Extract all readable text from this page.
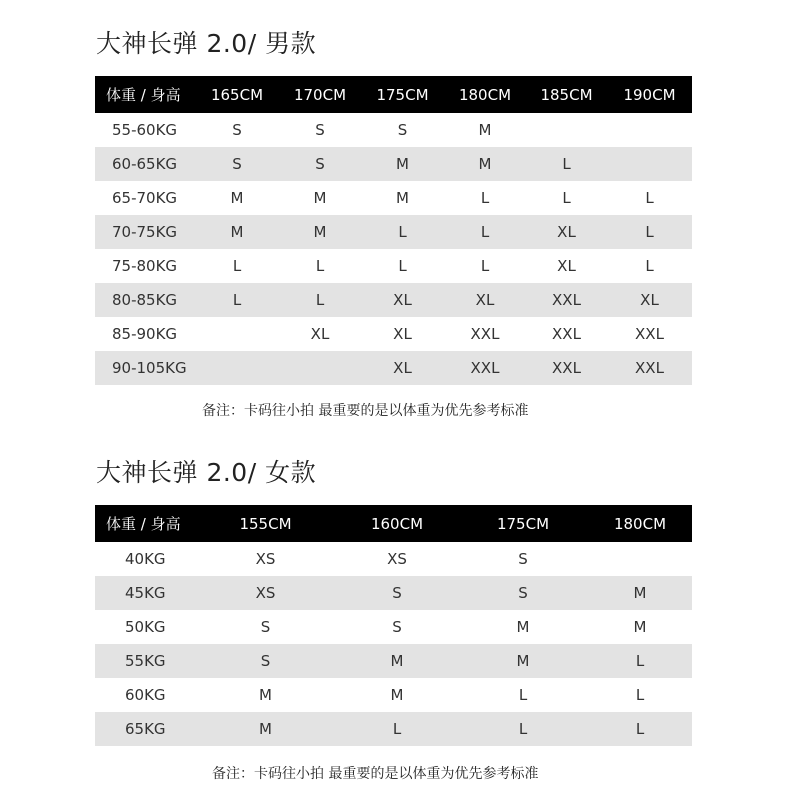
大神长弹 2.0/ 男款
体重 / 身高	165CM	170CM	175CM	180CM	185CM	190CM
55-60KG	S	S	S	M		
60-65KG	S	S	M	M	L	
65-70KG	M	M	M	L	L	L
70-75KG	M	M	L	L	XL	L
75-80KG	L	L	L	L	XL	L
80-85KG	L	L	XL	XL	XXL	XL
85-90KG		XL	XL	XXL	XXL	XXL
90-105KG			XL	XXL	XXL	XXL
备注：卡码往小拍 最重要的是以体重为优先参考标准
大神长弹 2.0/ 女款
体重 / 身高	155CM	160CM	175CM	180CM
40KG	XS	XS	S	
45KG	XS	S	S	M
50KG	S	S	M	M
55KG	S	M	M	L
60KG	M	M	L	L
65KG	M	L	L	L
备注：卡码往小拍 最重要的是以体重为优先参考标准
